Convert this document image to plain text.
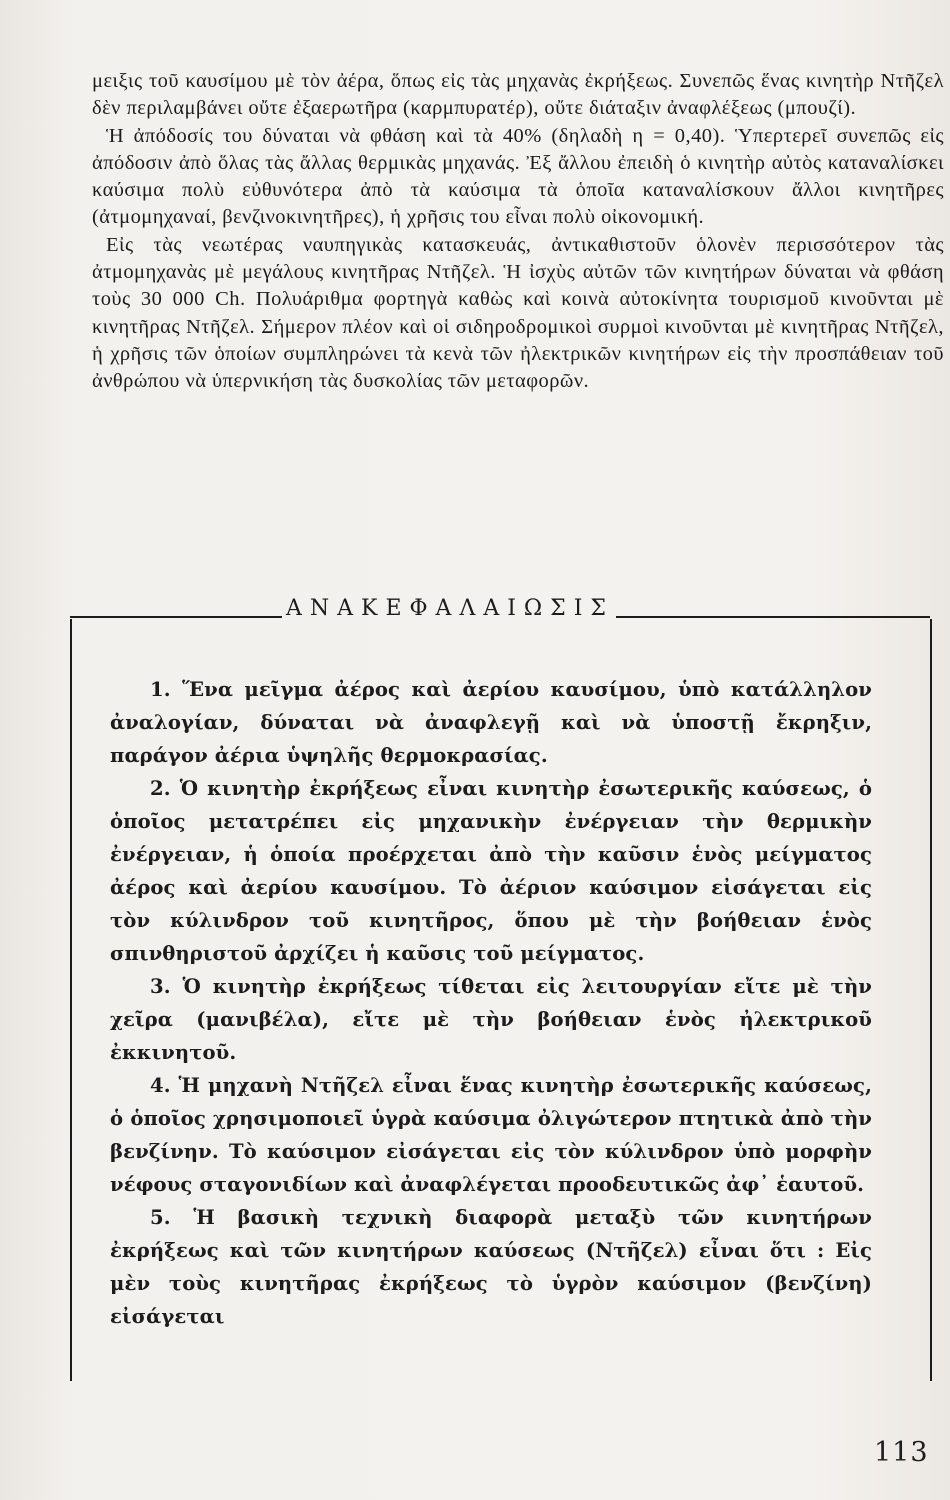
μειξις τοῦ καυσίμου μὲ τὸν ἀέρα, ὅπως εἰς τὰς μηχανὰς ἐκρήξεως. Συνεπῶς ἕνας κινητὴρ Ντῆζελ δὲν περιλαμβάνει οὔτε ἐξαερωτῆρα (καρμπυρατέρ), οὔτε διάταξιν ἀναφλέξεως (μπουζί).

Ἡ ἀπόδοσίς του δύναται νὰ φθάση καὶ τὰ 40% (δηλαδὴ η = 0,40). Ὑπερτερεῖ συνεπῶς εἰς ἀπόδοσιν ἀπὸ ὅλας τὰς ἄλλας θερμικὰς μηχανάς. Ἐξ ἄλλου ἐπειδὴ ὁ κινητὴρ αὐτὸς καταναλίσκει καύσιμα πολὺ εὐθυνότερα ἀπὸ τὰ καύσιμα τὰ ὁποῖα καταναλίσκουν ἄλλοι κινητῆρες (ἀτμομηχαναί, βενζινοκινητῆρες), ἡ χρῆσις του εἶναι πολὺ οἰκονομική.

Εἰς τὰς νεωτέρας ναυπηγικὰς κατασκευάς, ἀντικαθιστοῦν ὁλονὲν περισσότερον τὰς ἀτμομηχανὰς μὲ μεγάλους κινητῆρας Ντῆζελ. Ἡ ἰσχὺς αὐτῶν τῶν κινητήρων δύναται νὰ φθάση τοὺς 30 000 Ch. Πολυάριθμα φορτηγὰ καθὼς καὶ κοινὰ αὐτοκίνητα τουρισμοῦ κινοῦνται μὲ κινητῆρας Ντῆζελ. Σήμερον πλέον καὶ οἱ σιδηροδρομικοὶ συρμοὶ κινοῦνται μὲ κινητῆρας Ντῆζελ, ἡ χρῆσις τῶν ὁποίων συμπληρώνει τὰ κενὰ τῶν ἠλεκτρικῶν κινητήρων εἰς τὴν προσπάθειαν τοῦ ἀνθρώπου νὰ ὑπερνικήση τὰς δυσκολίας τῶν μεταφορῶν.

ΑΝΑΚΕΦΑΛΑΙΩΣΙΣ

1. Ἕνα μεῖγμα ἀέρος καὶ ἀερίου καυσίμου, ὑπὸ κατάλληλον ἀναλογίαν, δύναται νὰ ἀναφλεγῇ καὶ νὰ ὑποστῇ ἔκρηξιν, παράγον ἀέρια ὑψηλῆς θερμοκρασίας.

2. Ὁ κινητὴρ ἐκρήξεως εἶναι κινητὴρ ἐσωτερικῆς καύσεως, ὁ ὁποῖος μετατρέπει εἰς μηχανικὴν ἐνέργειαν τὴν θερμικὴν ἐνέργειαν, ἡ ὁποία προέρχεται ἀπὸ τὴν καῦσιν ἑνὸς μείγματος ἀέρος καὶ ἀερίου καυσίμου. Τὸ ἀέριον καύσιμον εἰσάγεται εἰς τὸν κύλινδρον τοῦ κινητῆρος, ὅπου μὲ τὴν βοήθειαν ἑνὸς σπινθηριστοῦ ἀρχίζει ἡ καῦσις τοῦ μείγματος.

3. Ὁ κινητὴρ ἐκρήξεως τίθεται εἰς λειτουργίαν εἴτε μὲ τὴν χεῖρα (μανιβέλα), εἴτε μὲ τὴν βοήθειαν ἑνὸς ἠλεκτρικοῦ ἐκκινητοῦ.

4. Ἡ μηχανὴ Ντῆζελ εἶναι ἕνας κινητὴρ ἐσωτερικῆς καύσεως, ὁ ὁποῖος χρησιμοποιεῖ ὑγρὰ καύσιμα ὀλιγώτερον πτητικὰ ἀπὸ τὴν βενζίνην. Τὸ καύσιμον εἰσάγεται εἰς τὸν κύλινδρον ὑπὸ μορφὴν νέφους σταγονιδίων καὶ ἀναφλέγεται προοδευτικῶς ἀφ᾽ ἑαυτοῦ.

5. Ἡ βασικὴ τεχνικὴ διαφορὰ μεταξὺ τῶν κινητήρων ἐκρήξεως καὶ τῶν κινητήρων καύσεως (Ντῆζελ) εἶναι ὅτι : Εἰς μὲν τοὺς κινητῆρας ἐκρήξεως τὸ ὑγρὸν καύσιμον (βενζίνη) εἰσάγεται

113
